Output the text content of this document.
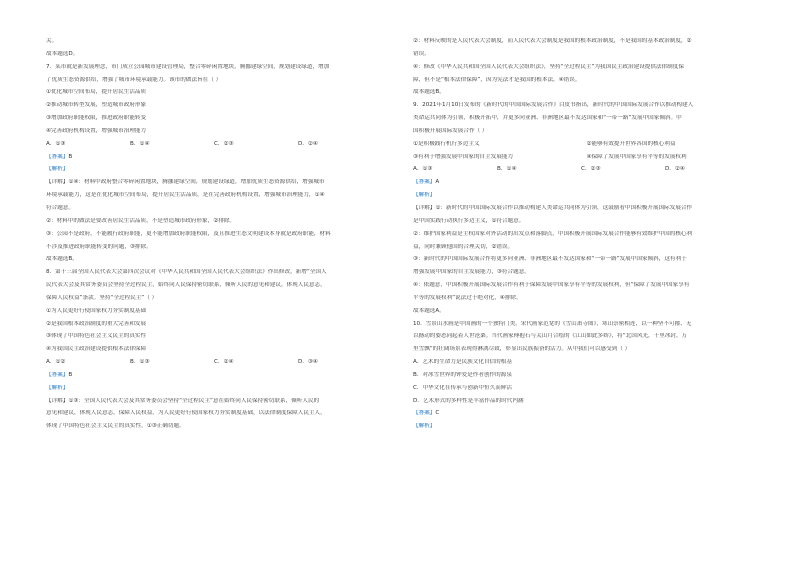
关。
故本题选D。
7．某市就是新发展理念，市门成立公园城市建设管理局，整合零碎闲置地块，腾挪建绿空间，规划建设绿道，增加
了优质生态资源供给，增强了城市环境承载能力。该市的做法旨在（ ）
①优化城市空间布局，提升居民生活品质
②推动城市转型发展，塑造城市政府形象
③增加政府职能权限，推进政府职能转变
④完善政府机构设置，增强城市治理能力
A．①③	B．①④	C．②③	D．②④
【答案】B
【解析】
【详解】①④：材料中政府整合零碎闲置地块，腾挪建绿空间，规划建设绿道，增加优质生态资源供给，增强城市
环境承载能力，这是在优化城市空间布局，提升居民生活品质，是在完善政府机构设置，增强城市治理能力，①④
符合题意。
②：材料中的做法是要改善居民生活品质，不是塑造城市政府形象，②排除。
③：公园不是政府，不能履行政府职能，更不能增加政府职能权限，及且推进生态文明建设本身就是政府职能，材料
不涉及推进政府职能转变的问题，③排除。
故本题选B。
8．第十三届全国人民代表大会第四次会议对《中华人民共和国全国人民代表大会组织法》作出修改，新增“全国人
民代表大会及其常务委员会坚持全过程民主，始终同人民保持密切联系，倾听人民的意见和建议，体现人民意志，
保障人民权益”条款。坚持“全过程民主”（ ）
①为人民更好行使国家权力夯实制度基础
②是我国根本政治制度的重大完善和发展
③体现了中国特色社会主义民主的真实性
④为我国民主政治建设提供根本法律保障
A．①②	B．①③	C．②④	D．③④
【答案】B
【解析】
【详解】①③：全国人民代表大会及其常务委员会坚持“全过程民主”意在始终同人民保持密切联系，倾听人民的
意见和建议，体现人民意志，保障人民权益，为人民更好行使国家权力夯实制度基础，以法律制度保障人民主人，
体现了中国特色社会主义民主的真实性，①③正确切题。
②：材料反映的是人民代表大会制度，而人民代表大会制度是我国的根本政治制度，不是我国的基本政治制度，②
错误。
④：修改《中华人民共和国全国人民代表大会组织法》，坚持“全过程民主”为我国民主政治建设提供法律制度保
障，但不是“根本法律保障”，因为宪法才是我国的根本法，④错误。
故本题选B。
9．2021年1月10日发布的《新时代的中国国际发展合作》白皮书指出，新时代的中国国际发展合作以推动构建人
类命运共同体为引领，积极开拓中，并更多向亚洲、非洲地区最不发达国家和“一带一路”发展中国家倾斜。中
国积极开展国际发展合作（ ）
①是积极践行机行多边主义	②能够有效提升世界各国的核心利益
③有利于增强发展中国家的自主发展能力	④保障了发展中国家享有平等的发展权利
A．①③	B．①④	C．②③	D．②④
【答案】A
【解析】
【详解】①：新时代的中国国际发展合作以推动构建人类命运共同体为引领，这鼓励看中国积极开展国际发展合作
是中国实践行动执行多边主义，①符合题意。
②：维护国家利益是主权国家对外活动的出发点和落脚点，中国积极开展国际发展合作能够有效维护中国的核心利
益，同时兼顾他国的合理关切，②错误。
③：新时代的中国国际发展合作将更多向亚洲、非洲地区最不发达国家和“一带一路”发展中国家倾斜，这有利于
增强发展中国家的自主发展能力，③符合题意。
④：依题意，中国积极开展国际发展合作有利于保障发展中国家享有平等的发展权利，但“保障了发展中国家享有
平等的发展权利”说法过于绝对化，④排除。
故本题选A。
10．雪景山水画是中国画的一个独特门类。宋代画家范宽的《雪山萧寺图》，寒山崇密相连，以一种坚不可摧、无
以撼动的姿态同起着人世沧桑。当代画家傅抱石与关山月合绘的《江山如此多娇》，将“北国风光，千里冰封，万
里雪飘”的壮阔场景表现得淋漓尽致，彰显出民族振奋的活力。从中我们可以感受到（ ）
A．艺术的生命力是民族文化自信的根基
B．对冰雪世界的钟爱是作者创作的源泉
C．中华文化在传承与创新中恒久而鲜活
D．艺术形式的多样性是丰富作品的时代内涵
【答案】C
【解析】
